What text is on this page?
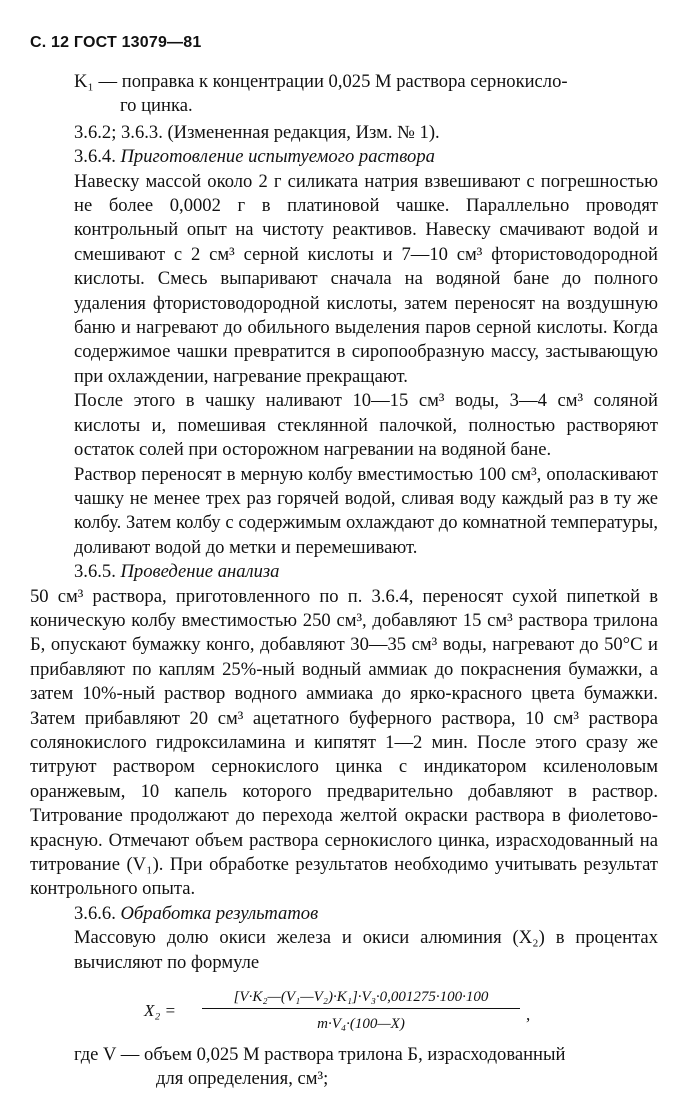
С. 12 ГОСТ 13079—81

K₁ — поправка к концентрации 0,025 М раствора сернокисло-

го цинка.

3.6.2; 3.6.3. (Измененная редакция, Изм. № 1).

3.6.4. Приготовление испытуемого раствора

Навеску массой около 2 г силиката натрия взвешивают с погрешностью не более 0,0002 г в платиновой чашке. Параллельно проводят контрольный опыт на чистоту реактивов. Навеску смачивают водой и смешивают с 2 см³ серной кислоты и 7—10 см³ фтористоводородной кислоты. Смесь выпаривают сначала на водяной бане до полного удаления фтористоводородной кислоты, затем переносят на воздушную баню и нагревают до обильного выделения паров серной кислоты. Когда содержимое чашки превратится в сиропообразную массу, застывающую при охлаждении, нагревание прекращают.

После этого в чашку наливают 10—15 см³ воды, 3—4 см³ соляной кислоты и, помешивая стеклянной палочкой, полностью растворяют остаток солей при осторожном нагревании на водяной бане.

Раствор переносят в мерную колбу вместимостью 100 см³, ополаскивают чашку не менее трех раз горячей водой, сливая воду каждый раз в ту же колбу. Затем колбу с содержимым охлаждают до комнатной температуры, доливают водой до метки и перемешивают.

3.6.5. Проведение анализа

50 см³ раствора, приготовленного по п. 3.6.4, переносят сухой пипеткой в коническую колбу вместимостью 250 см³, добавляют 15 см³ раствора трилона Б, опускают бумажку конго, добавляют 30—35 см³ воды, нагревают до 50°С и прибавляют по каплям 25%-ный водный аммиак до покраснения бумажки, а затем 10%-ный раствор водного аммиака до ярко-красного цвета бумажки. Затем прибавляют 20 см³ ацетатного буферного раствора, 10 см³ раствора солянокислого гидроксиламина и кипятят 1—2 мин. После этого сразу же титруют раствором сернокислого цинка с индикатором ксиленоловым оранжевым, 10 капель которого предварительно добавляют в раствор. Титрование продолжают до перехода желтой окраски раствора в фиолетово-красную. Отмечают объем раствора сернокислого цинка, израсходованный на титрование (V₁). При обработке результатов необходимо учитывать результат контрольного опыта.

3.6.6. Обработка результатов

Массовую долю окиси железа и окиси алюминия (X₂) в процентах вычисляют по формуле

X₂ =
[V·K₂—(V₁—V₂)·K₁]·V₃·0,001275·100·100
m·V₄·(100—X)	,

где V — объем 0,025 М раствора трилона Б, израсходованный

для определения, см³;
